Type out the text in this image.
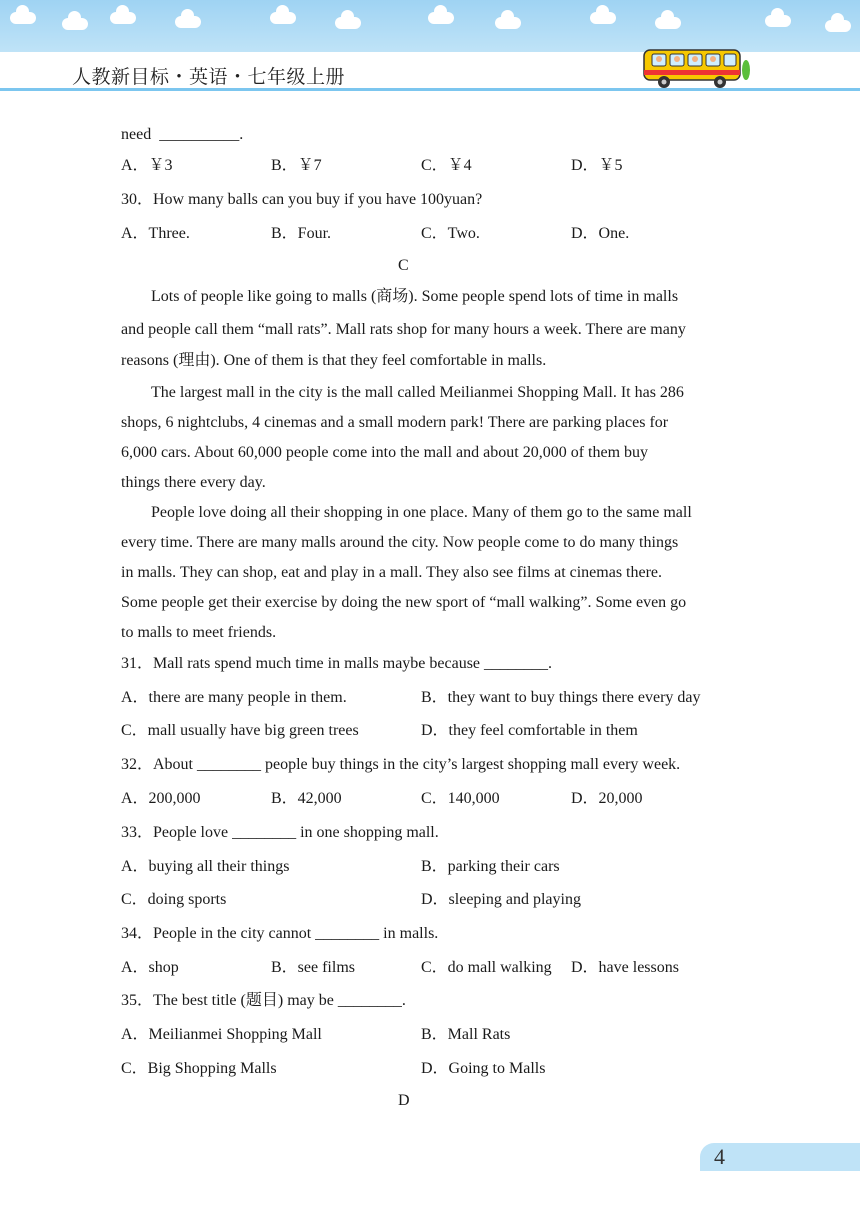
人教新目标・英语・七年级上册
need  __________.
A．￥3	B．￥7	C．￥4	D．￥5
30．How many balls can you buy if you have 100yuan?
A．Three.	B．Four.	C．Two.	D．One.
C
Lots of people like going to malls (商场). Some people spend lots of time in malls
and people call them “mall rats”. Mall rats shop for many hours a week. There are many
reasons (理由). One of them is that they feel comfortable in malls.
The largest mall in the city is the mall called Meilianmei Shopping Mall. It has 286
shops, 6 nightclubs, 4 cinemas and a small modern park! There are parking places for
6,000 cars. About 60,000 people come into the mall and about 20,000 of them buy
things there every day.
People love doing all their shopping in one place. Many of them go to the same mall
every time. There are many malls around the city. Now people come to do many things
in malls. They can shop, eat and play in a mall. They also see films at cinemas there.
Some people get their exercise by doing the new sport of “mall walking”. Some even go
to malls to meet friends.
31．Mall rats spend much time in malls maybe because ________.
A．there are many people in them.	B．they want to buy things there every day
C．mall usually have big green trees	D．they feel comfortable in them
32．About ________ people buy things in the city’s largest shopping mall every week.
A．200,000	B．42,000	C．140,000	D．20,000
33．People love ________ in one shopping mall.
A．buying all their things	B．parking their cars
C．doing sports	D．sleeping and playing
34．People in the city cannot ________ in malls.
A．shop	B．see films	C．do mall walking D．have lessons
35．The best title (题目) may be ________.
A．Meilianmei Shopping Mall	B．Mall Rats
C．Big Shopping Malls	D．Going to Malls
D
4
